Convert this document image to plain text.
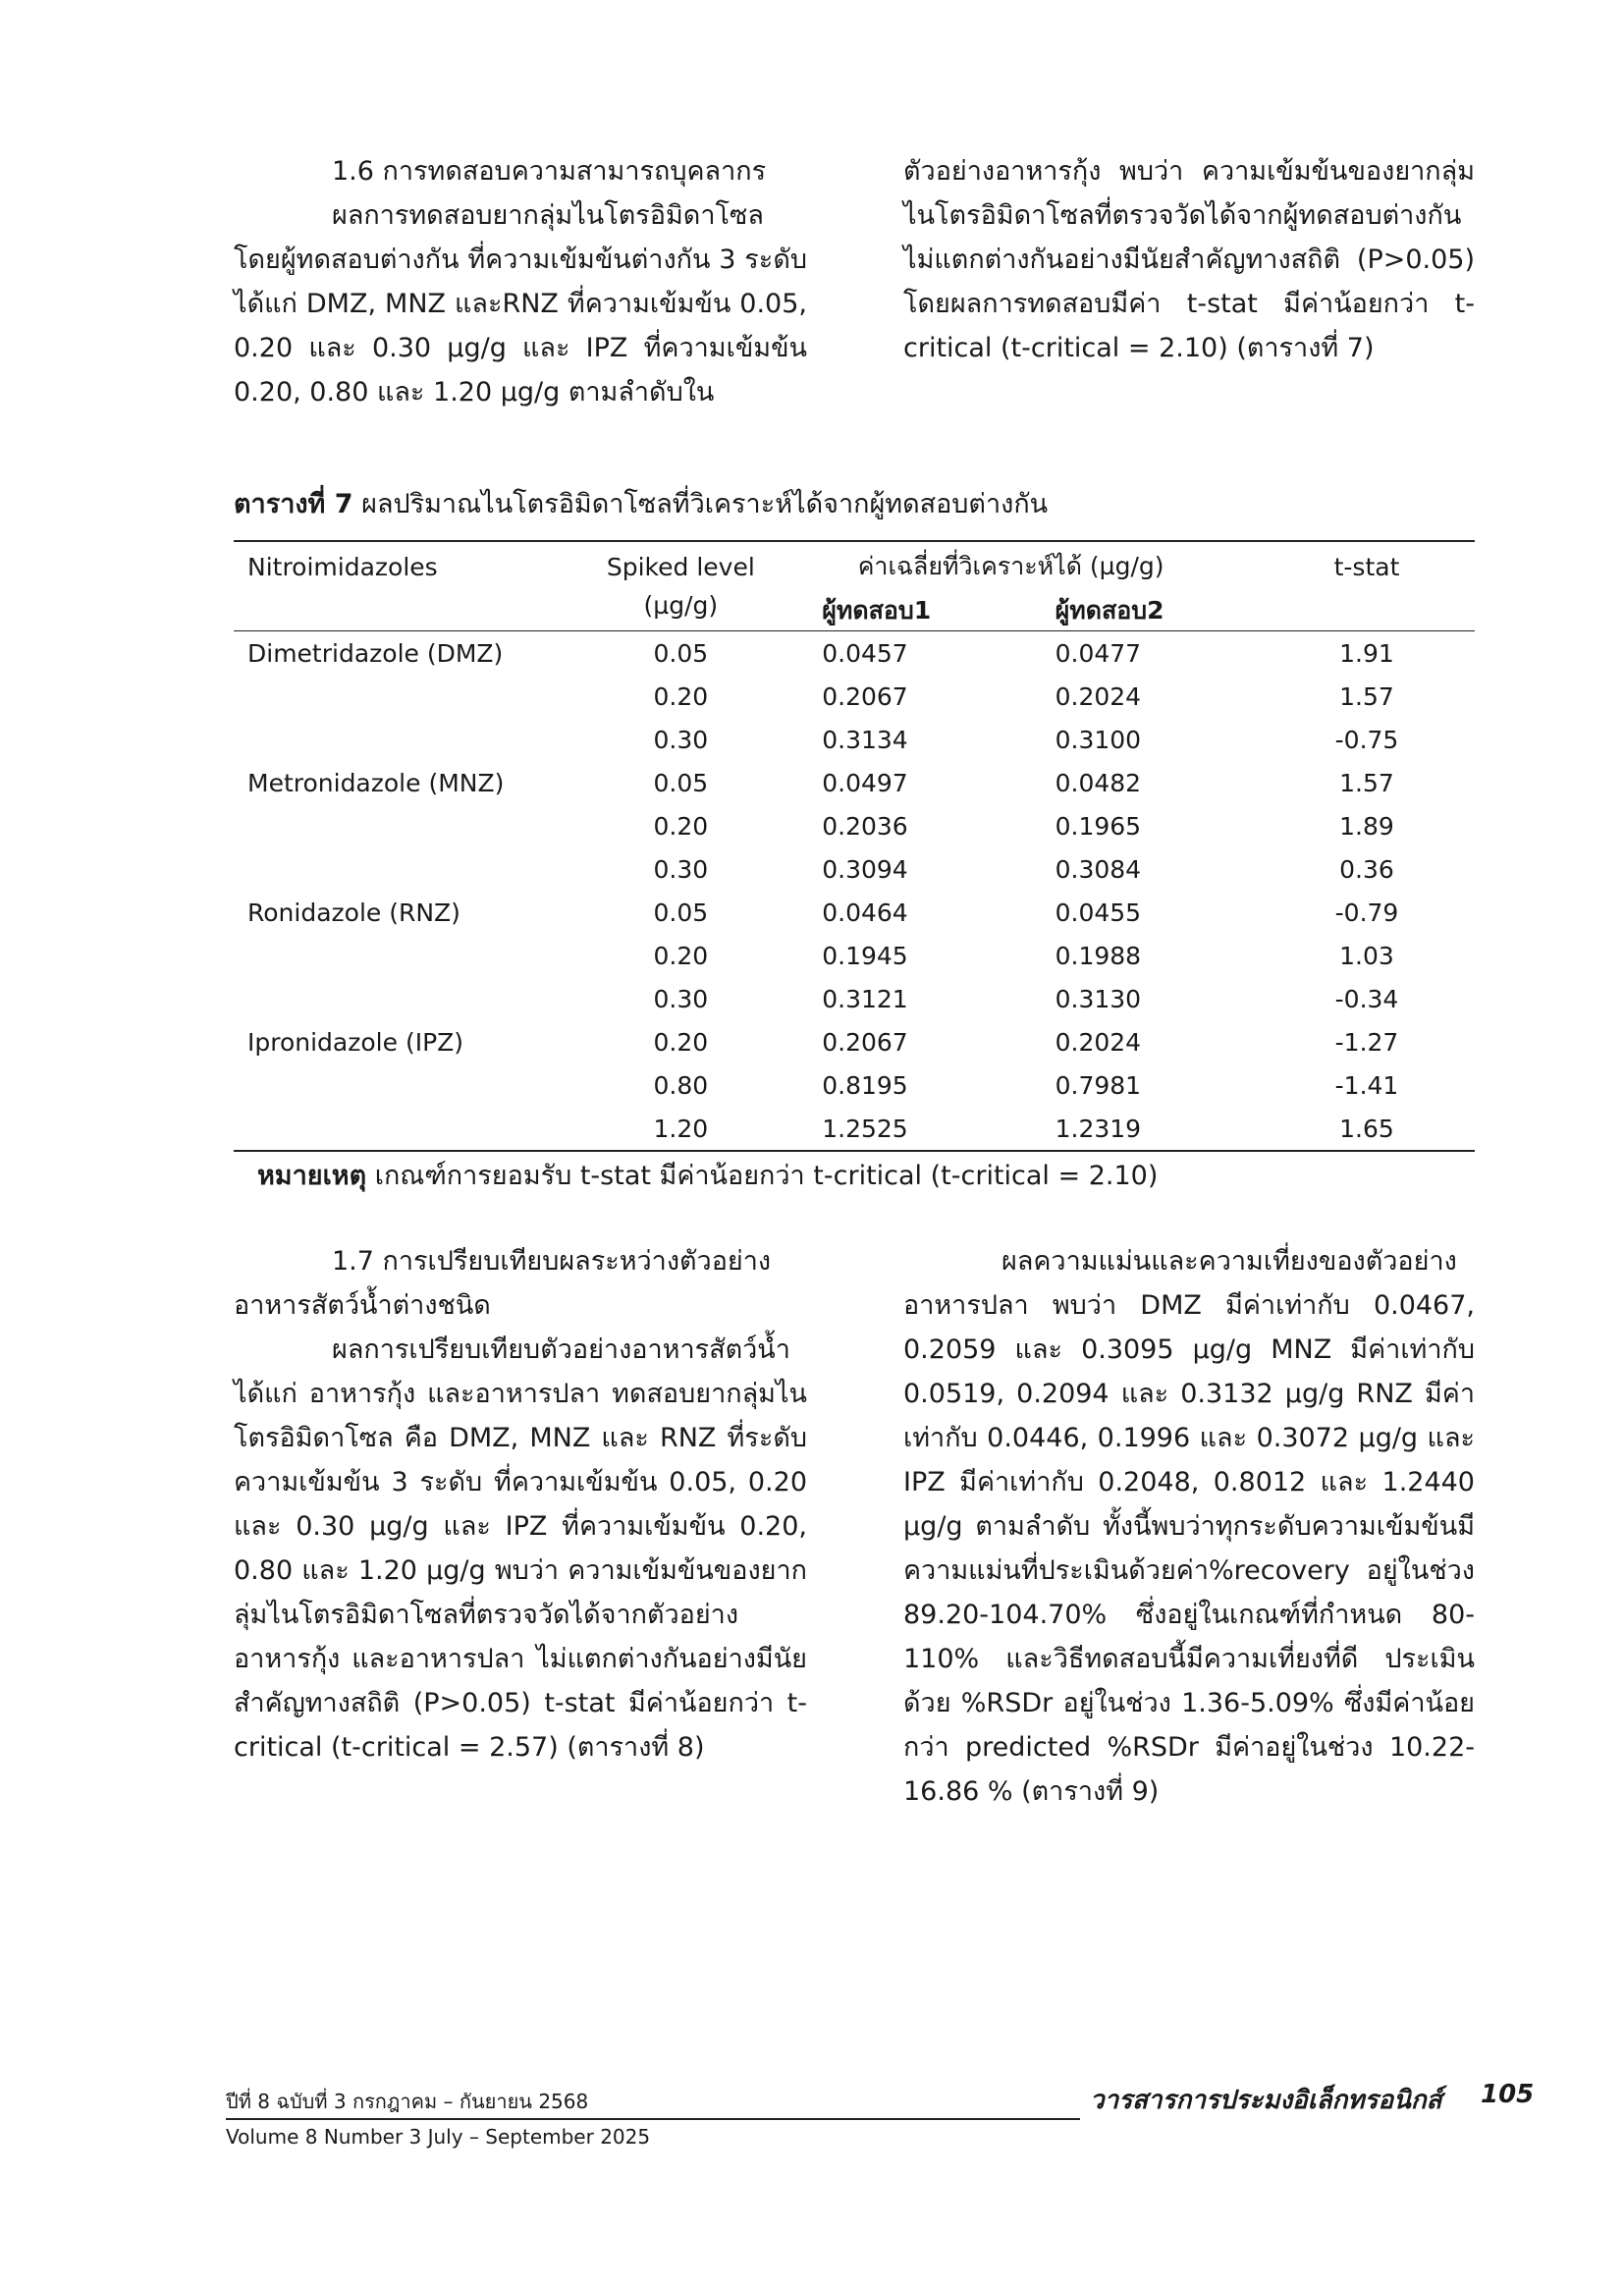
1.6 การทดสอบความสามารถบุคลากร

ผลการทดสอบยากลุ่มไนโตรอิมิดาโซล โดยผู้ทดสอบต่างกัน ที่ความเข้มข้นต่างกัน 3 ระดับ ได้แก่ DMZ, MNZ และRNZ ที่ความเข้มข้น 0.05, 0.20 และ 0.30 µg/g และ IPZ ที่ความเข้มข้น 0.20, 0.80 และ 1.20 µg/g ตามลำดับใน

ตัวอย่างอาหารกุ้ง พบว่า ความเข้มข้นของยากลุ่มไนโตรอิมิดาโซลที่ตรวจวัดได้จากผู้ทดสอบต่างกัน ไม่แตกต่างกันอย่างมีนัยสำคัญทางสถิติ (P>0.05) โดยผลการทดสอบมีค่า t-stat มีค่าน้อยกว่า t-critical (t-critical = 2.10) (ตารางที่ 7)

ตารางที่ 7 ผลปริมาณไนโตรอิมิดาโซลที่วิเคราะห์ได้จากผู้ทดสอบต่างกัน
Nitroimidazoles	Spiked level	ค่าเฉลี่ยที่วิเคราะห์ได้ (µg/g)		t-stat
	(µg/g)	ผู้ทดสอบ1	ผู้ทดสอบ2	
Dimetridazole (DMZ)	0.05	0.0457	0.0477	1.91
	0.20	0.2067	0.2024	1.57
	0.30	0.3134	0.3100	-0.75
Metronidazole (MNZ)	0.05	0.0497	0.0482	1.57
	0.20	0.2036	0.1965	1.89
	0.30	0.3094	0.3084	0.36
Ronidazole (RNZ)	0.05	0.0464	0.0455	-0.79
	0.20	0.1945	0.1988	1.03
	0.30	0.3121	0.3130	-0.34
Ipronidazole (IPZ)	0.20	0.2067	0.2024	-1.27
	0.80	0.8195	0.7981	-1.41
	1.20	1.2525	1.2319	1.65
หมายเหตุ เกณฑ์การยอมรับ t-stat มีค่าน้อยกว่า t-critical (t-critical = 2.10)

1.7 การเปรียบเทียบผลระหว่างตัวอย่างอาหารสัตว์น้ำต่างชนิด

ผลการเปรียบเทียบตัวอย่างอาหารสัตว์น้ำ ได้แก่ อาหารกุ้ง และอาหารปลา ทดสอบยากลุ่มไนโตรอิมิดาโซล คือ DMZ, MNZ และ RNZ ที่ระดับความเข้มข้น 3 ระดับ ที่ความเข้มข้น 0.05, 0.20 และ 0.30 µg/g และ IPZ ที่ความเข้มข้น 0.20, 0.80 และ 1.20 µg/g พบว่า ความเข้มข้นของยากลุ่มไนโตรอิมิดาโซลที่ตรวจวัดได้จากตัวอย่างอาหารกุ้ง และอาหารปลา ไม่แตกต่างกันอย่างมีนัยสำคัญทางสถิติ (P>0.05) t-stat มีค่าน้อยกว่า t-critical (t-critical = 2.57) (ตารางที่ 8)

ผลความแม่นและความเที่ยงของตัวอย่างอาหารปลา พบว่า DMZ มีค่าเท่ากับ 0.0467, 0.2059 และ 0.3095 µg/g MNZ มีค่าเท่ากับ 0.0519, 0.2094 และ 0.3132 µg/g RNZ มีค่าเท่ากับ 0.0446, 0.1996 และ 0.3072 µg/g และ IPZ มีค่าเท่ากับ 0.2048, 0.8012 และ 1.2440 µg/g ตามลำดับ ทั้งนี้พบว่าทุกระดับความเข้มข้นมีความแม่นที่ประเมินด้วยค่า%recovery อยู่ในช่วง 89.20-104.70% ซึ่งอยู่ในเกณฑ์ที่กำหนด 80-110% และวิธีทดสอบนี้มีความเที่ยงที่ดี ประเมินด้วย %RSDr อยู่ในช่วง 1.36-5.09% ซึ่งมีค่าน้อยกว่า predicted %RSDr มีค่าอยู่ในช่วง 10.22-16.86 % (ตารางที่ 9)

ปีที่ 8 ฉบับที่ 3 กรกฎาคม – กันยายน 2568
Volume 8 Number 3 July – September 2025
วารสารการประมงอิเล็กทรอนิกส์ 105
